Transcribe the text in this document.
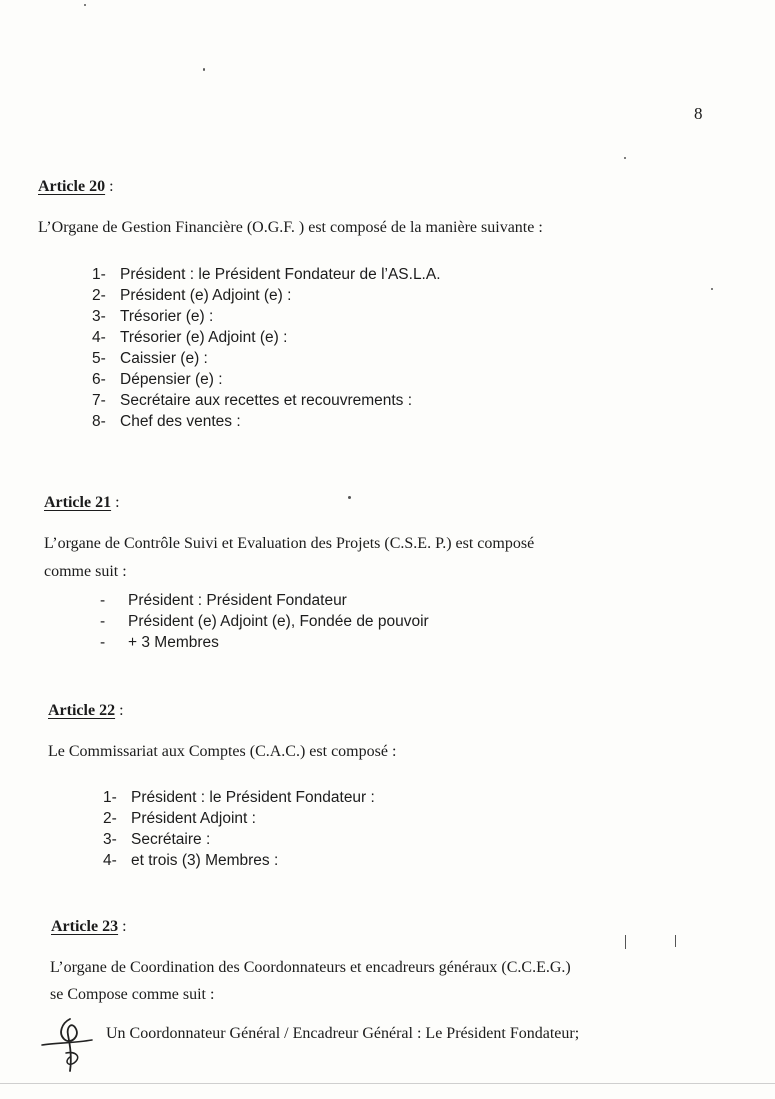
8
Article 20 :
L’Organe de Gestion Financière (O.G.F. ) est composé de la manière suivante :
1- Président : le Président Fondateur de l’AS.L.A.
2- Président (e) Adjoint (e) :
3- Trésorier (e) :
4- Trésorier (e) Adjoint (e) :
5- Caissier (e) :
6- Dépensier (e) :
7- Secrétaire aux recettes et recouvrements :
8- Chef des ventes :
Article 21 :
L’organe de Contrôle Suivi et Evaluation des Projets (C.S.E. P.) est composé
comme suit :
- Président : Président Fondateur
- Président (e) Adjoint (e), Fondée de pouvoir
- + 3 Membres
Article 22 :
Le Commissariat aux Comptes (C.A.C.) est composé :
1- Président : le Président Fondateur :
2- Président Adjoint :
3- Secrétaire :
4- et trois (3) Membres :
Article 23 :
L’organe de Coordination des Coordonnateurs et encadreurs généraux (C.C.E.G.)
se Compose comme suit :
Un Coordonnateur Général / Encadreur Général : Le Président Fondateur;
